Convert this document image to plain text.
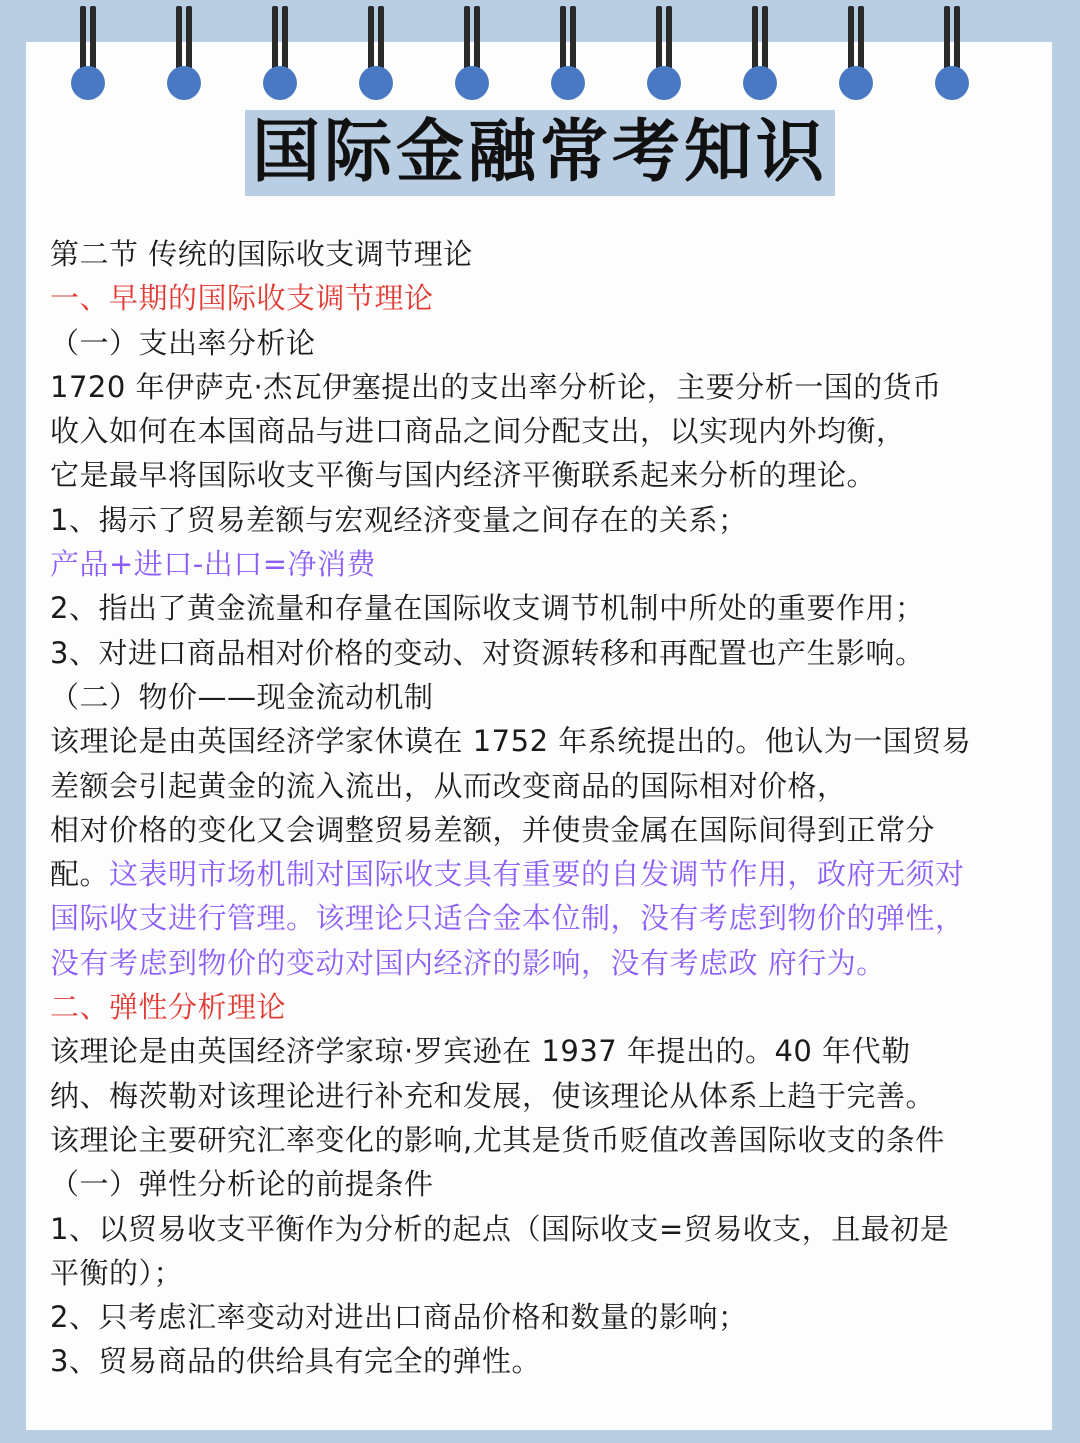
国际金融常考知识
第二节 传统的国际收支调节理论
一、早期的国际收支调节理论
（一）支出率分析论
1720 年伊萨克·杰瓦伊塞提出的支出率分析论，主要分析一国的货币
收入如何在本国商品与进口商品之间分配支出，以实现内外均衡，
它是最早将国际收支平衡与国内经济平衡联系起来分析的理论。
1、揭示了贸易差额与宏观经济变量之间存在的关系；
产品+进口-出口=净消费
2、指出了黄金流量和存量在国际收支调节机制中所处的重要作用；
3、对进口商品相对价格的变动、对资源转移和再配置也产生影响。
（二）物价——现金流动机制
该理论是由英国经济学家休谟在 1752 年系统提出的。他认为一国贸易
差额会引起黄金的流入流出，从而改变商品的国际相对价格，
相对价格的变化又会调整贸易差额，并使贵金属在国际间得到正常分
配。这表明市场机制对国际收支具有重要的自发调节作用，政府无须对
国际收支进行管理。该理论只适合金本位制，没有考虑到物价的弹性，
没有考虑到物价的变动对国内经济的影响，没有考虑政 府行为。
二、弹性分析理论
该理论是由英国经济学家琼·罗宾逊在 1937 年提出的。40 年代勒
纳、梅茨勒对该理论进行补充和发展，使该理论从体系上趋于完善。
该理论主要研究汇率变化的影响,尤其是货币贬值改善国际收支的条件
（一）弹性分析论的前提条件
1、以贸易收支平衡作为分析的起点（国际收支=贸易收支，且最初是
平衡的）；
2、只考虑汇率变动对进出口商品价格和数量的影响；
3、贸易商品的供给具有完全的弹性。
